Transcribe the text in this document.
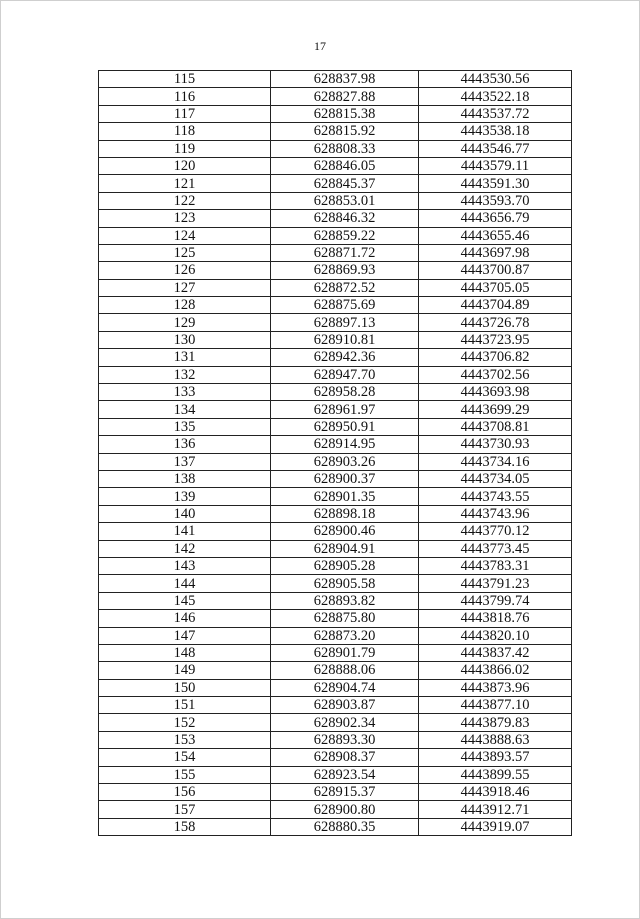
17
115	628837.98	4443530.56
116	628827.88	4443522.18
117	628815.38	4443537.72
118	628815.92	4443538.18
119	628808.33	4443546.77
120	628846.05	4443579.11
121	628845.37	4443591.30
122	628853.01	4443593.70
123	628846.32	4443656.79
124	628859.22	4443655.46
125	628871.72	4443697.98
126	628869.93	4443700.87
127	628872.52	4443705.05
128	628875.69	4443704.89
129	628897.13	4443726.78
130	628910.81	4443723.95
131	628942.36	4443706.82
132	628947.70	4443702.56
133	628958.28	4443693.98
134	628961.97	4443699.29
135	628950.91	4443708.81
136	628914.95	4443730.93
137	628903.26	4443734.16
138	628900.37	4443734.05
139	628901.35	4443743.55
140	628898.18	4443743.96
141	628900.46	4443770.12
142	628904.91	4443773.45
143	628905.28	4443783.31
144	628905.58	4443791.23
145	628893.82	4443799.74
146	628875.80	4443818.76
147	628873.20	4443820.10
148	628901.79	4443837.42
149	628888.06	4443866.02
150	628904.74	4443873.96
151	628903.87	4443877.10
152	628902.34	4443879.83
153	628893.30	4443888.63
154	628908.37	4443893.57
155	628923.54	4443899.55
156	628915.37	4443918.46
157	628900.80	4443912.71
158	628880.35	4443919.07
